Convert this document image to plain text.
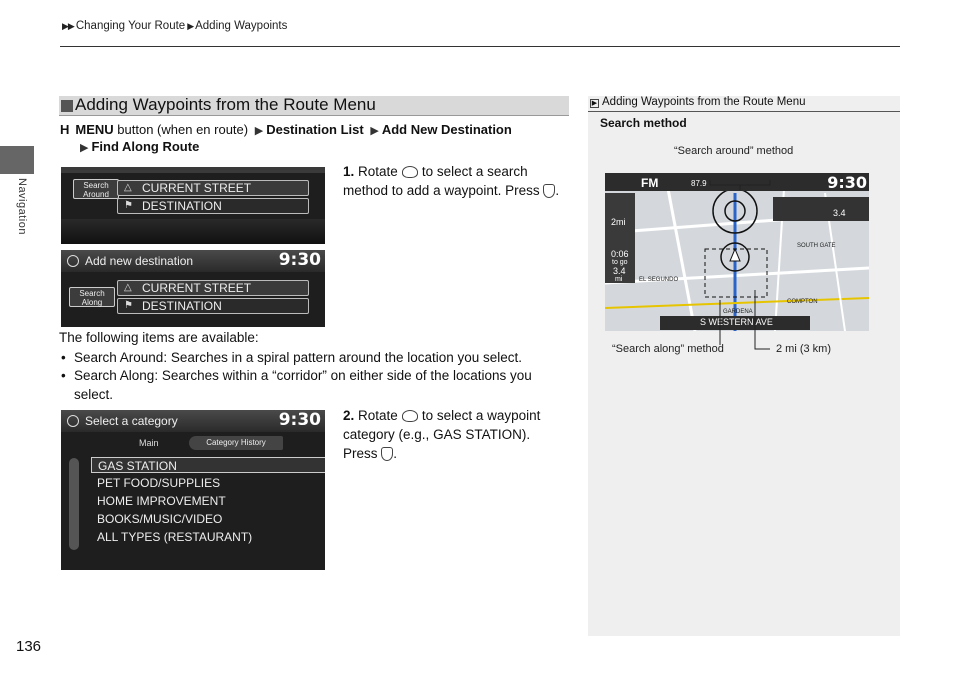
▶▶ Changing Your Route ▶ Adding Waypoints
Navigation
136
Adding Waypoints from the Route Menu
H MENU button (when en route) ▶ Destination List ▶ Add New Destination
▶ Find Along Route
Search
Around
△ CURRENT STREET
⚑ DESTINATION
Add new destination	9:30
Search
Along
△ CURRENT STREET
⚑ DESTINATION
1. Rotate to select a search method to add a waypoint. Press .
The following items are available:
• Search Around: Searches in a spiral pattern around the location you select.
• Search Along: Searches within a “corridor” on either side of the locations you select.
Select a category	9:30
Main	Category History
GAS STATION
PET FOOD/SUPPLIES
HOME IMPROVEMENT
BOOKS/MUSIC/VIDEO
ALL TYPES (RESTAURANT)
2. Rotate to select a waypoint category (e.g., GAS STATION). Press .
▶ Adding Waypoints from the Route Menu
Search method
“Search around” method
FM	87.9	9:30
2mi
0:06
to go
3.4
mi
3.4
S WESTERN AVE
SOUTH GATE
COMPTON
EL SEGUNDO
GARDENA
“Search along” method	2 mi (3 km)
